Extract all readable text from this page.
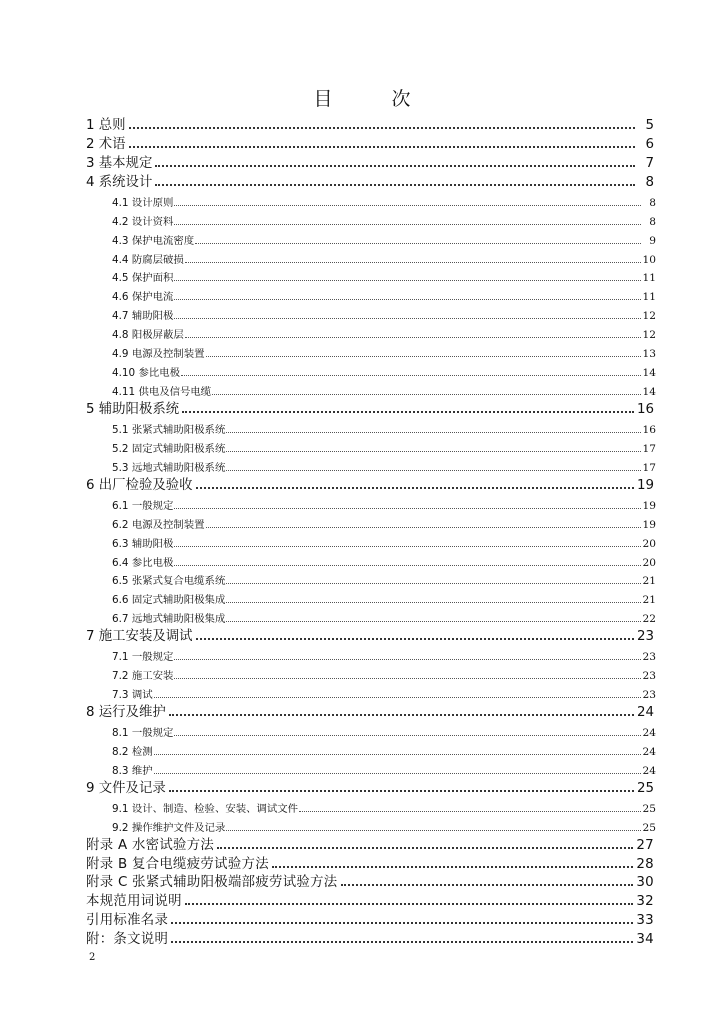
目　次
1 总则	5
2 术语	6
3 基本规定	7
4 系统设计	8
4.1 设计原则	8
4.2 设计资料	8
4.3 保护电流密度	9
4.4 防腐层破损	10
4.5 保护面积	11
4.6 保护电流	11
4.7 辅助阳极	12
4.8 阳极屏蔽层	12
4.9 电源及控制装置	13
4.10 参比电极	14
4.11 供电及信号电缆	14
5 辅助阳极系统	16
5.1 张紧式辅助阳极系统	16
5.2 固定式辅助阳极系统	17
5.3 远地式辅助阳极系统	17
6 出厂检验及验收	19
6.1 一般规定	19
6.2 电源及控制装置	19
6.3 辅助阳极	20
6.4 参比电极	20
6.5 张紧式复合电缆系统	21
6.6 固定式辅助阳极集成	21
6.7 远地式辅助阳极集成	22
7 施工安装及调试	23
7.1 一般规定	23
7.2 施工安装	23
7.3 调试	23
8 运行及维护	24
8.1 一般规定	24
8.2 检测	24
8.3 维护	24
9 文件及记录	25
9.1 设计、制造、检验、安装、调试文件	25
9.2 操作维护文件及记录	25
附录 A 水密试验方法	27
附录 B 复合电缆疲劳试验方法	28
附录 C 张紧式辅助阳极端部疲劳试验方法	30
本规范用词说明	32
引用标准名录	33
附：条文说明	34
2
